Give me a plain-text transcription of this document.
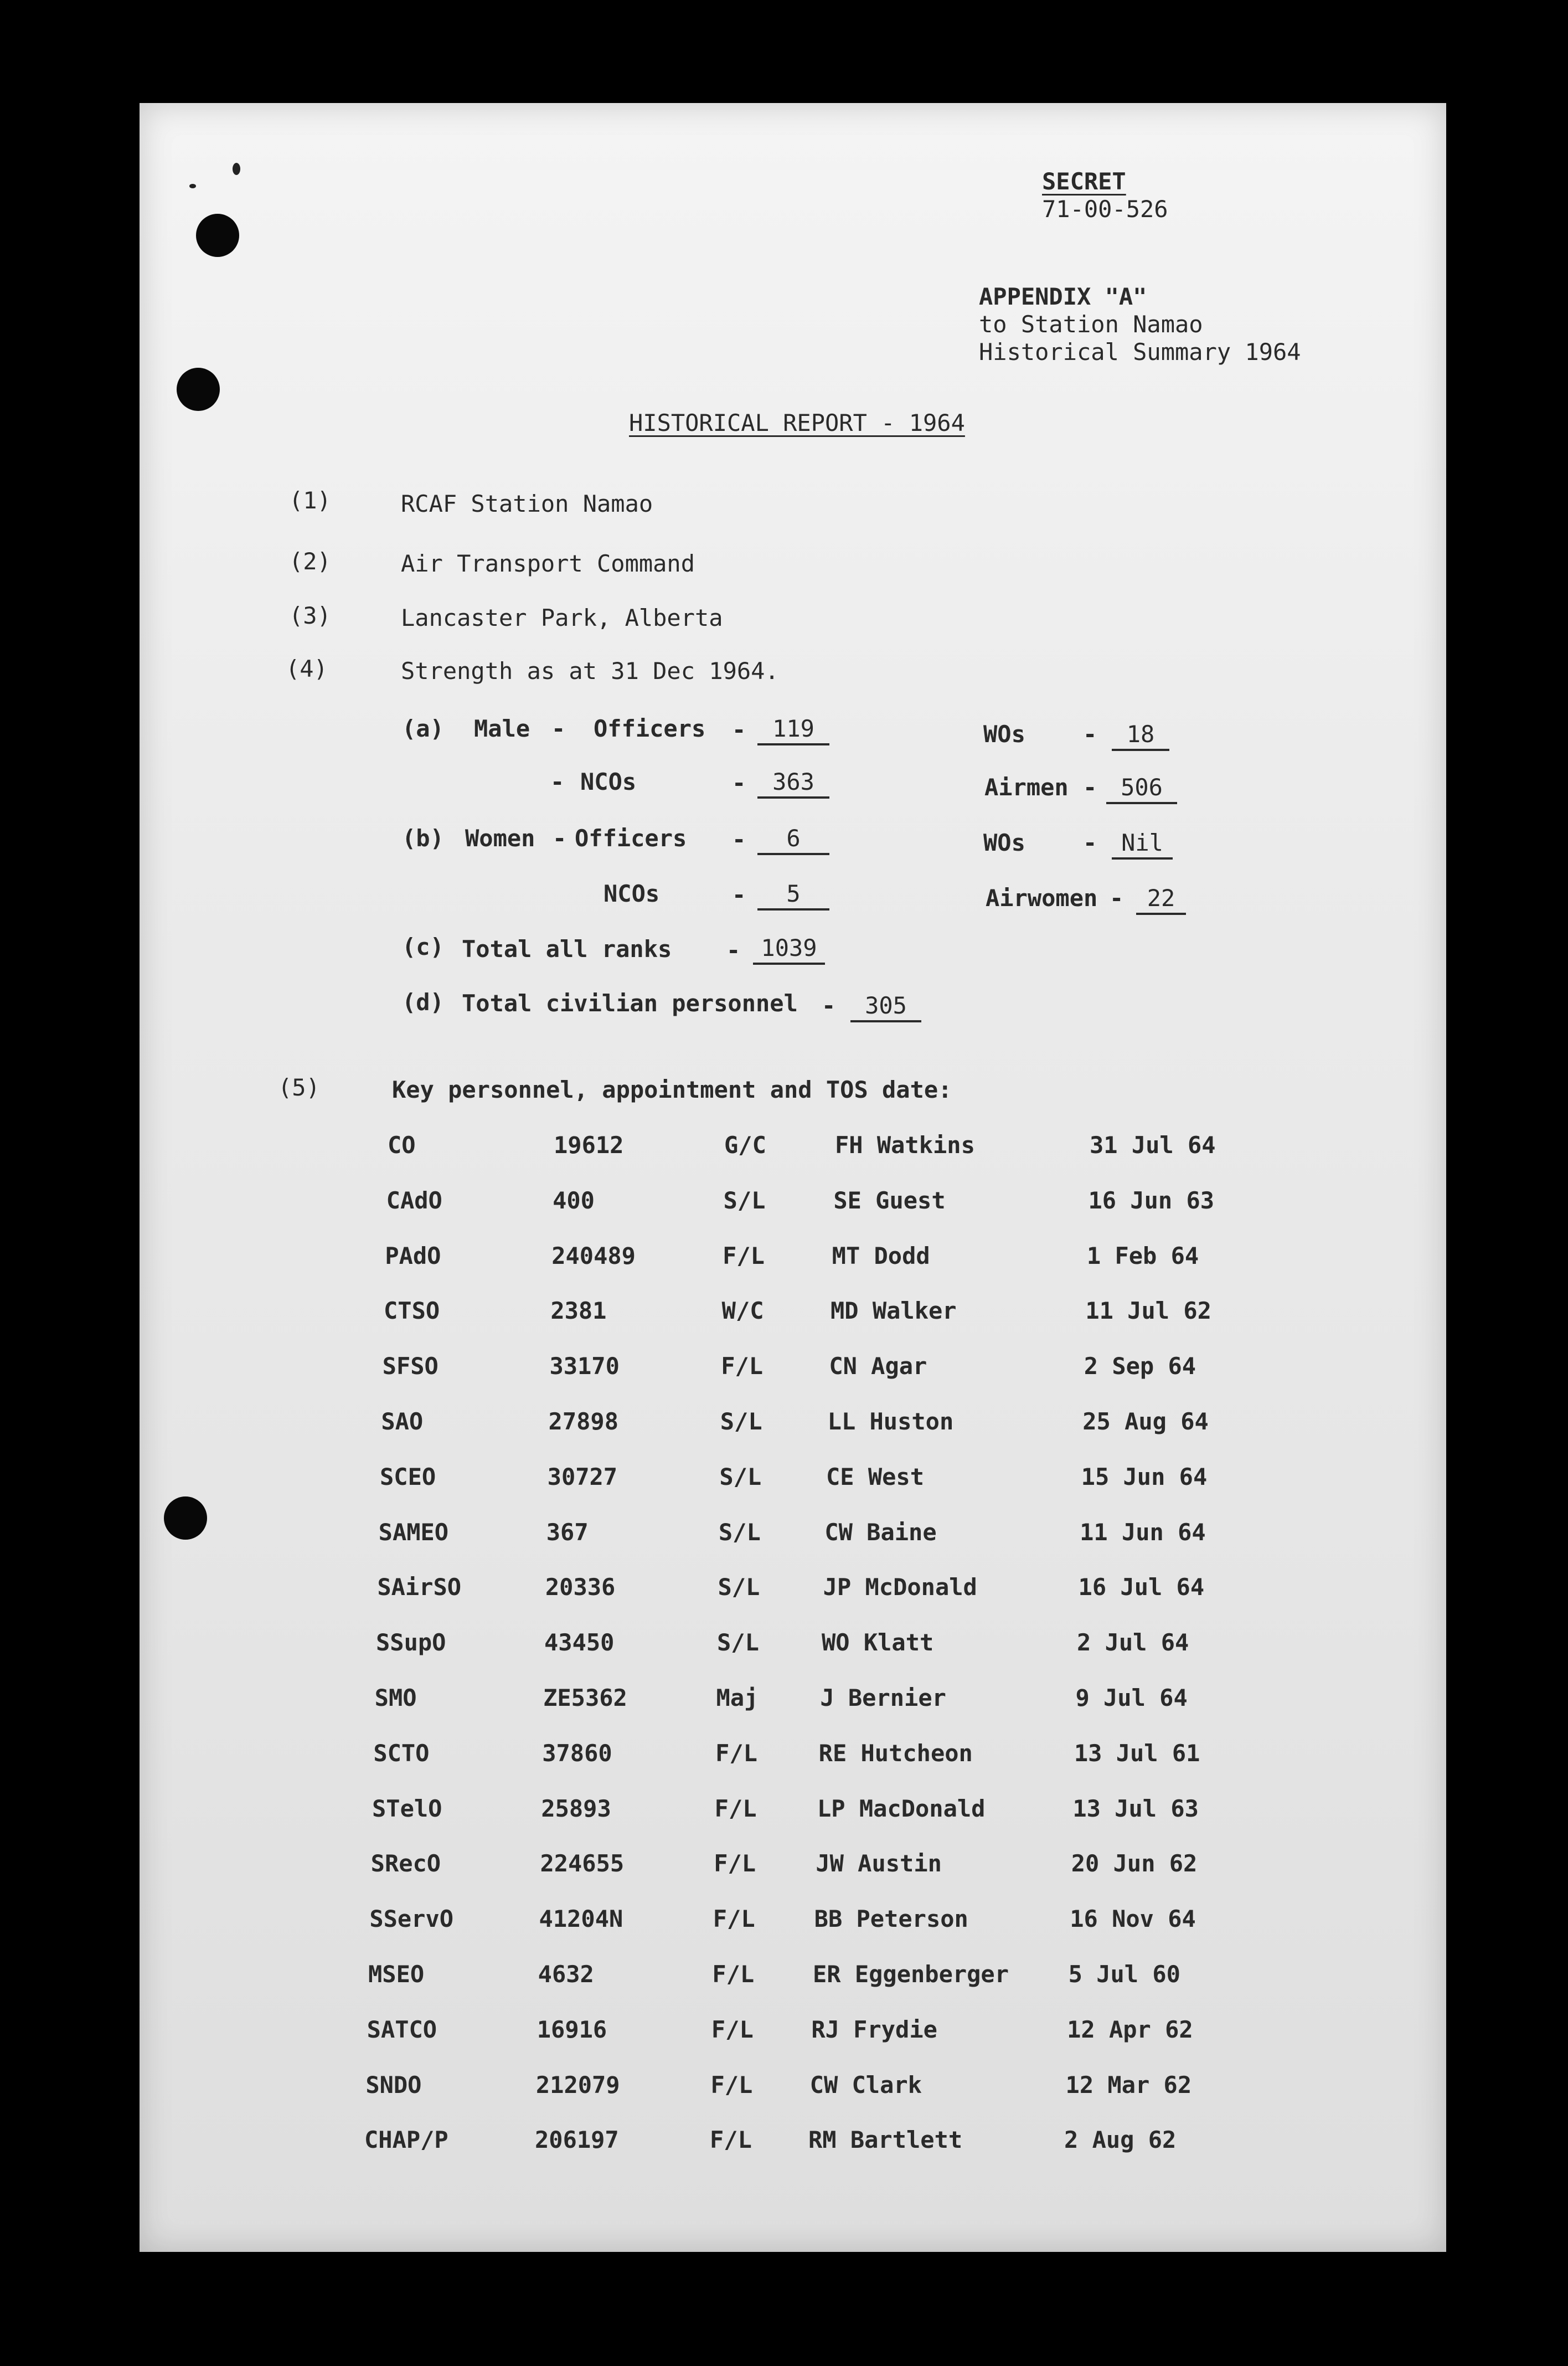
SECRET
71-00-526
APPENDIX "A"
to Station Namao
Historical Summary 1964
HISTORICAL REPORT - 1964
(1)	RCAF Station Namao
(2)	Air Transport Command
(3)	Lancaster Park, Alberta
(4)	Strength as at 31 Dec 1964.
(a) Male - Officers -	119	WOs -	18
- NCOs	-	363	Airmen -	506
(b) Women - Officers -	6	WOs -	Nil
NCOs	-	5	Airwomen -	22
(c) Total all ranks - 1039
(d) Total civilian personnel -	305
(5)	Key personnel, appointment and TOS date:
CO	19612	G/C	FH Watkins	31 Jul 64
CAdO	400	S/L	SE Guest	16 Jun 63
PAdO	240489	F/L	MT Dodd	1 Feb 64
CTSO	2381	W/C	MD Walker	11 Jul 62
SFSO	33170	F/L	CN Agar	2 Sep 64
SAO	27898	S/L	LL Huston	25 Aug 64
SCEO	30727	S/L	CE West	15 Jun 64
SAMEO	367	S/L	CW Baine	11 Jun 64
SAirSO	20336	S/L	JP McDonald	16 Jul 64
SSupO	43450	S/L	WO Klatt	2 Jul 64
SMO	ZE5362	Maj	J Bernier	9 Jul 64
SCTO	37860	F/L	RE Hutcheon	13 Jul 61
STelO	25893	F/L	LP MacDonald	13 Jul 63
SRecO	224655	F/L	JW Austin	20 Jun 62
SServO	41204N	F/L	BB Peterson	16 Nov 64
MSEO	4632	F/L	ER Eggenberger	5 Jul 60
SATCO	16916	F/L RJ Frydie	12 Apr 62
SNDO	212079	F/L CW Clark	12 Mar 62
CHAP/P	206197	F/L RM Bartlett	2 Aug 62
